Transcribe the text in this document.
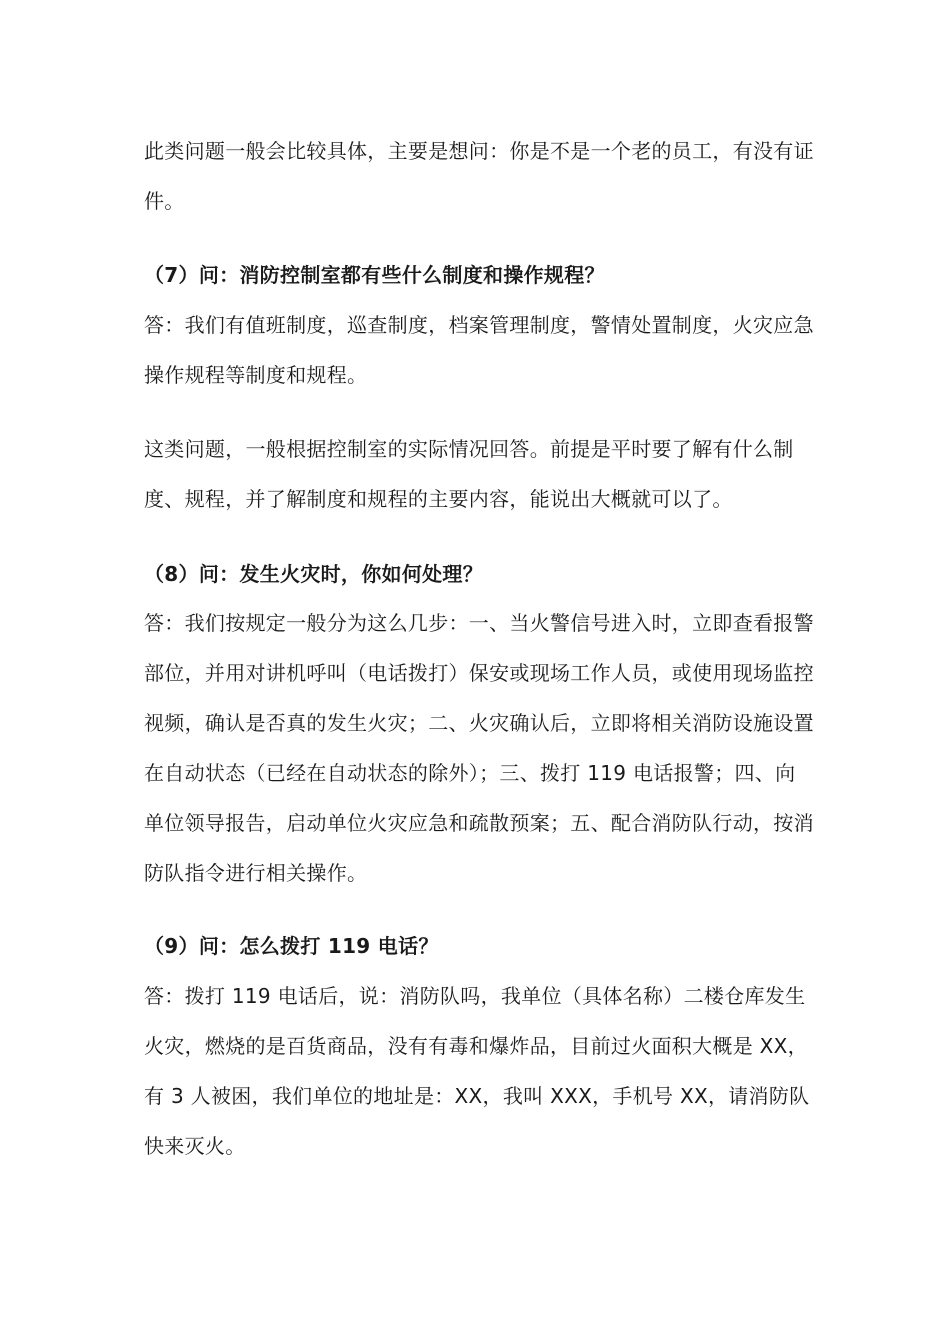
此类问题一般会比较具体，主要是想问：你是不是一个老的员工，有没有证件。

（7）问：消防控制室都有些什么制度和操作规程？

答：我们有值班制度，巡查制度，档案管理制度，警情处置制度，火灾应急操作规程等制度和规程。

这类问题，一般根据控制室的实际情况回答。前提是平时要了解有什么制度、规程，并了解制度和规程的主要内容，能说出大概就可以了。

（8）问：发生火灾时，你如何处理？

答：我们按规定一般分为这么几步：一、当火警信号进入时，立即查看报警部位，并用对讲机呼叫（电话拨打）保安或现场工作人员，或使用现场监控视频，确认是否真的发生火灾；二、火灾确认后，立即将相关消防设施设置在自动状态（已经在自动状态的除外）；三、拨打 119 电话报警；四、向单位领导报告，启动单位火灾应急和疏散预案；五、配合消防队行动，按消防队指令进行相关操作。

（9）问：怎么拨打 119 电话？

答：拨打 119 电话后，说：消防队吗，我单位（具体名称）二楼仓库发生火灾，燃烧的是百货商品，没有有毒和爆炸品，目前过火面积大概是 XX，有 3 人被困，我们单位的地址是：XX，我叫 XXX，手机号 XX，请消防队快来灭火。
